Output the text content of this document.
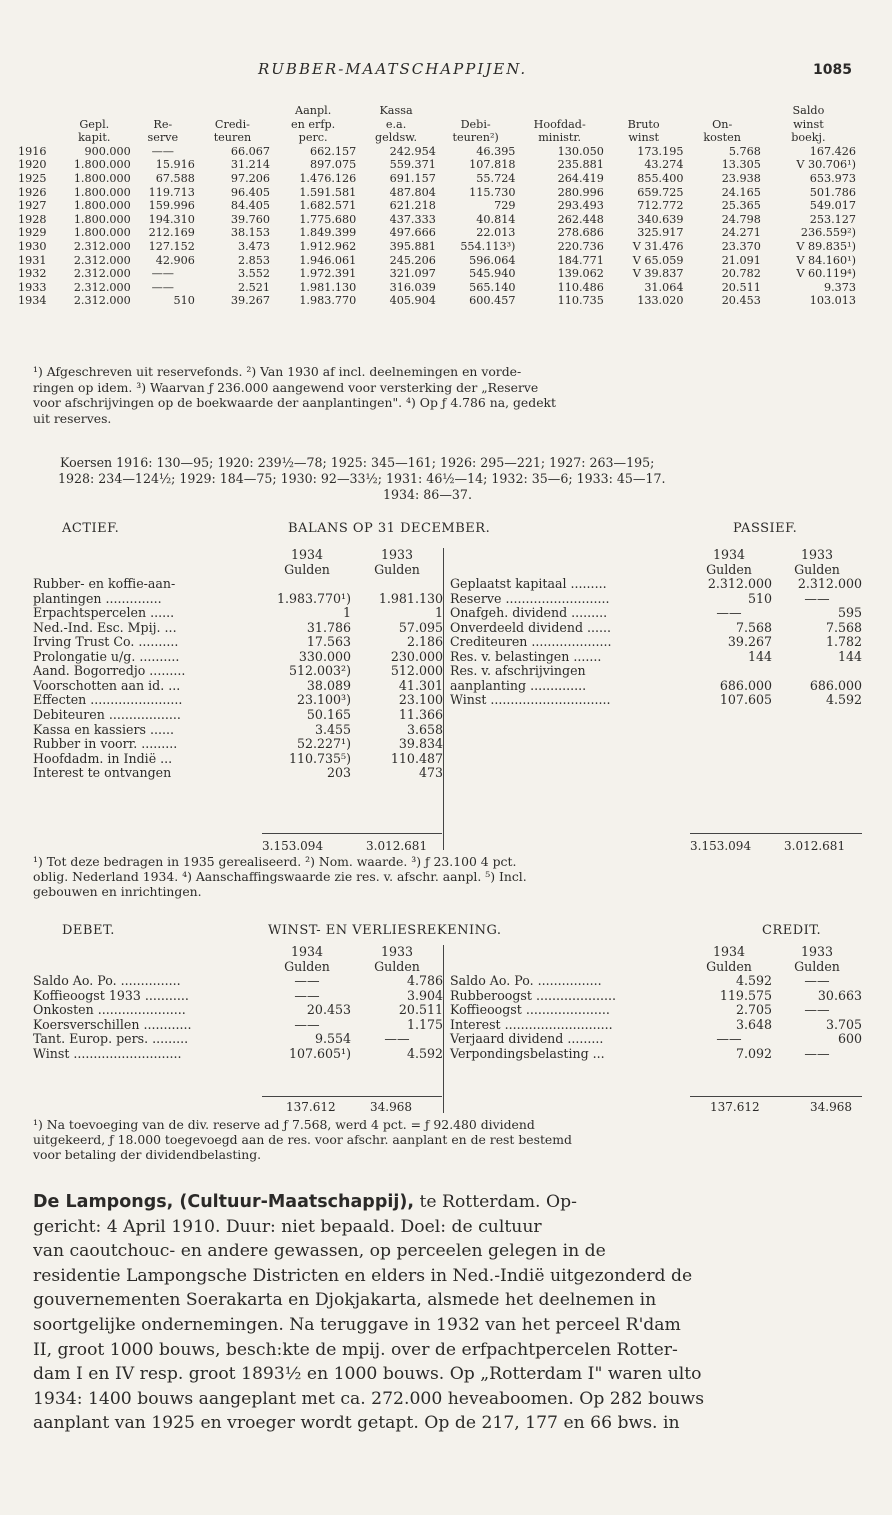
RUBBER-MAATSCHAPPIJEN.	1085
				Aanpl.	Kassa					Saldo
	Gepl.	Re-	Credi-	en erfp.	e.a.	Debi-	Hoofdad-	Bruto	On-	winst
	kapit.	serve	teuren	perc.	geldsw.	teuren²)	ministr.	winst	kosten	boekj.
1916	900.000	——	66.067	662.157	242.954	46.395	130.050	173.195	5.768	167.426
1920	1.800.000	15.916	31.214	897.075	559.371	107.818	235.881	43.274	13.305	V 30.706¹)
1925	1.800.000	67.588	97.206	1.476.126	691.157	55.724	264.419	855.400	23.938	653.973
1926	1.800.000	119.713	96.405	1.591.581	487.804	115.730	280.996	659.725	24.165	501.786
1927	1.800.000	159.996	84.405	1.682.571	621.218	729	293.493	712.772	25.365	549.017
1928	1.800.000	194.310	39.760	1.775.680	437.333	40.814	262.448	340.639	24.798	253.127
1929	1.800.000	212.169	38.153	1.849.399	497.666	22.013	278.686	325.917	24.271	236.559²)
1930	2.312.000	127.152	3.473	1.912.962	395.881	554.113³)	220.736	V 31.476	23.370	V 89.835¹)
1931	2.312.000	42.906	2.853	1.946.061	245.206	596.064	184.771	V 65.059	21.091	V 84.160¹)
1932	2.312.000	——	3.552	1.972.391	321.097	545.940	139.062	V 39.837	20.782	V 60.119⁴)
1933	2.312.000	——	2.521	1.981.130	316.039	565.140	110.486	31.064	20.511	9.373
1934	2.312.000	510	39.267	1.983.770	405.904	600.457	110.735	133.020	20.453	103.013
¹) Afgeschreven uit reservefonds. ²) Van 1930 af incl. deelnemingen en vorde-
ringen op idem. ³) Waarvan ƒ 236.000 aangewend voor versterking der „Reserve
voor afschrijvingen op de boekwaarde der aanplantingen". ⁴) Op ƒ 4.786 na, gedekt
uit reserves.
Koersen 1916: 130—95; 1920: 239½—78; 1925: 345—161; 1926: 295—221; 1927: 263—195;
1928: 234—124½; 1929: 184—75; 1930: 92—33½; 1931: 46½—14; 1932: 35—6; 1933: 45—17.
1934: 86—37.
ACTIEF.	BALANS OP 31 DECEMBER.	PASSIEF.
	1934	1933
	Gulden	Gulden
Rubber- en koffie-aan-		
plantingen ..............	1.983.770¹)	1.981.130
Erpachtspercelen ......	1	1
Ned.-Ind. Esc. Mpij. ...	31.786	57.095
Irving Trust Co. ..........	17.563	2.186
Prolongatie u/g. ..........	330.000	230.000
Aand. Bogorredjo .........	512.003²)	512.000
Voorschotten aan id. ...	38.089	41.301
Effecten .......................	23.100³)	23.100
Debiteuren ..................	50.165	11.366
Kassa en kassiers ......	3.455	3.658
Rubber in voorr. .........	52.227¹)	39.834
Hoofdadm. in Indië ...	110.735⁵)	110.487
Interest te ontvangen	203	473
	1934	1933
	Gulden	Gulden

Geplaatst kapitaal .........	2.312.000	2.312.000
Reserve ..........................	510	——
Onafgeh. dividend .........	——	595
Onverdeeld dividend ......	7.568	7.568
Crediteuren ....................	39.267	1.782
Res. v. belastingen .......	144	144
Res. v. afschrijvingen		
aanplanting ..............	686.000	686.000
Winst ..............................	107.605	4.592
3.153.094	3.012.681	3.153.094	3.012.681
¹) Tot deze bedragen in 1935 gerealiseerd. ²) Nom. waarde. ³) ƒ 23.100 4 pct.
oblig. Nederland 1934. ⁴) Aanschaffingswaarde zie res. v. afschr. aanpl. ⁵) Incl.
gebouwen en inrichtingen.
DEBET.	WINST- EN VERLIESREKENING.	CREDIT.
	1934	1933
	Gulden	Gulden
Saldo Ao. Po. ...............	——	4.786
Koffieoogst 1933 ...........	——	3.904
Onkosten ......................	20.453	20.511
Koersverschillen ............	——	1.175
Tant. Europ. pers. .........	9.554	——
Winst ...........................	107.605¹)	4.592
	1934	1933
	Gulden	Gulden
Saldo Ao. Po. ................	4.592	——
Rubberoogst ....................	119.575	30.663
Koffieoogst .....................	2.705	——
Interest ...........................	3.648	3.705
Verjaard dividend .........	——	600
Verpondingsbelasting ...	7.092	——
137.612	34.968	137.612	34.968
¹) Na toevoeging van de div. reserve ad ƒ 7.568, werd 4 pct. = ƒ 92.480 dividend
uitgekeerd, ƒ 18.000 toegevoegd aan de res. voor afschr. aanplant en de rest bestemd
voor betaling der dividendbelasting.
De Lampongs, (Cultuur-Maatschappij), te Rotterdam. Op-
gericht: 4 April 1910. Duur: niet bepaald. Doel: de cultuur
van caoutchouc- en andere gewassen, op perceelen gelegen in de
residentie Lampongsche Districten en elders in Ned.-Indië uitgezonderd de
gouvernementen Soerakarta en Djokjakarta, alsmede het deelnemen in
soortgelijke ondernemingen. Na teruggave in 1932 van het perceel R'dam
II, groot 1000 bouws, besch:kte de mpij. over de erfpachtpercelen Rotter-
dam I en IV resp. groot 1893½ en 1000 bouws. Op „Rotterdam I" waren ulto
1934: 1400 bouws aangeplant met ca. 272.000 heveaboomen. Op 282 bouws
aanplant van 1925 en vroeger wordt getapt. Op de 217, 177 en 66 bws. in
